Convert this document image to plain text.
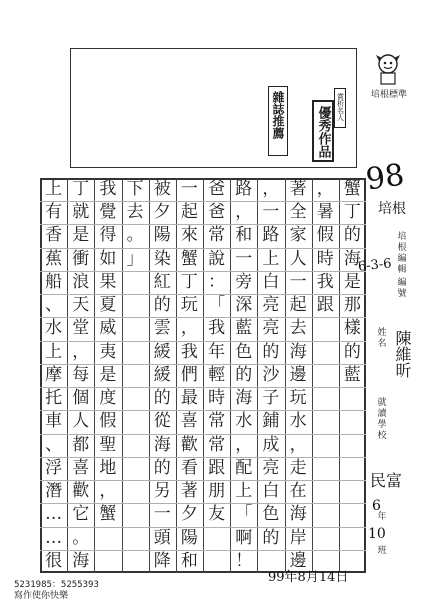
雜誌推薦 優秀作品 賞析名人	培根標準
蟹
丁
的
海
是
那
樣
的
藍
，
暑
假
時
我
跟
著
全
家
人
一
起
去
海
邊
玩
水
，
走
在
海
岸
邊
，
一
路
上
白
亮
亮
的
沙
子
鋪
成
亮
白
色
的
路
，
和
一
旁
深
藍
色
的
海
水
，
配
上
「
啊
！
爸
爸
常
說
：
「
我
年
輕
時
常
常
跟
朋
友
一
起
來
蟹
丁
玩
，
我
們
最
喜
歡
看
著
夕
陽
和
被
夕
陽
染
紅
的
雲
緩
緩
的
從
海
的
另
一
頭
降
下
去
。
」
我
覺
得
如
果
夏
威
夷
是
度
假
聖
地
，
蟹
丁
就
是
衝
浪
天
堂
，
每
個
人
都
喜
歡
它
。
海
上
有
香
蕉
船
、
水
上
摩
托
車
、
浮
潛
…
…
很
培根編輯
編號
姓名
就讀學校
年
班
98
培根
6-3-6
陳維昕
民富
6
10
99年8月14日
5231985：5255393
寫作使你快樂
